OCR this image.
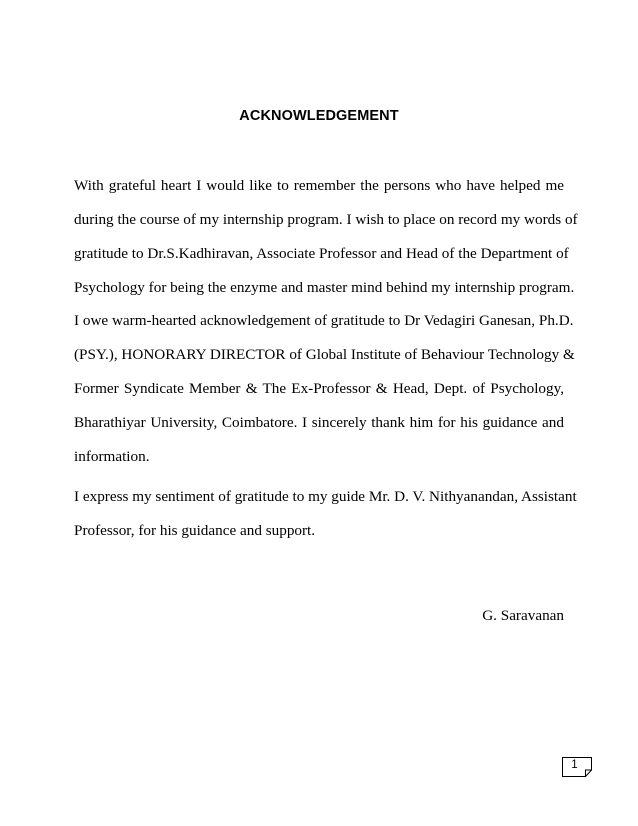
ACKNOWLEDGEMENT
With grateful heart I would like to remember the persons who have helped me
during the course of my internship program. I wish to place on record my words of
gratitude to Dr.S.Kadhiravan, Associate Professor and Head of the Department of
Psychology for being the enzyme and master mind behind my internship program.
I owe warm-hearted acknowledgement of gratitude to Dr Vedagiri Ganesan, Ph.D.
(PSY.), HONORARY DIRECTOR of Global Institute of Behaviour Technology &
Former Syndicate Member & The Ex-Professor & Head, Dept. of Psychology,
Bharathiyar University, Coimbatore. I sincerely thank him for his guidance and
information.
I express my sentiment of gratitude to my guide Mr. D. V. Nithyanandan, Assistant
Professor, for his guidance and support.
G. Saravanan
1
